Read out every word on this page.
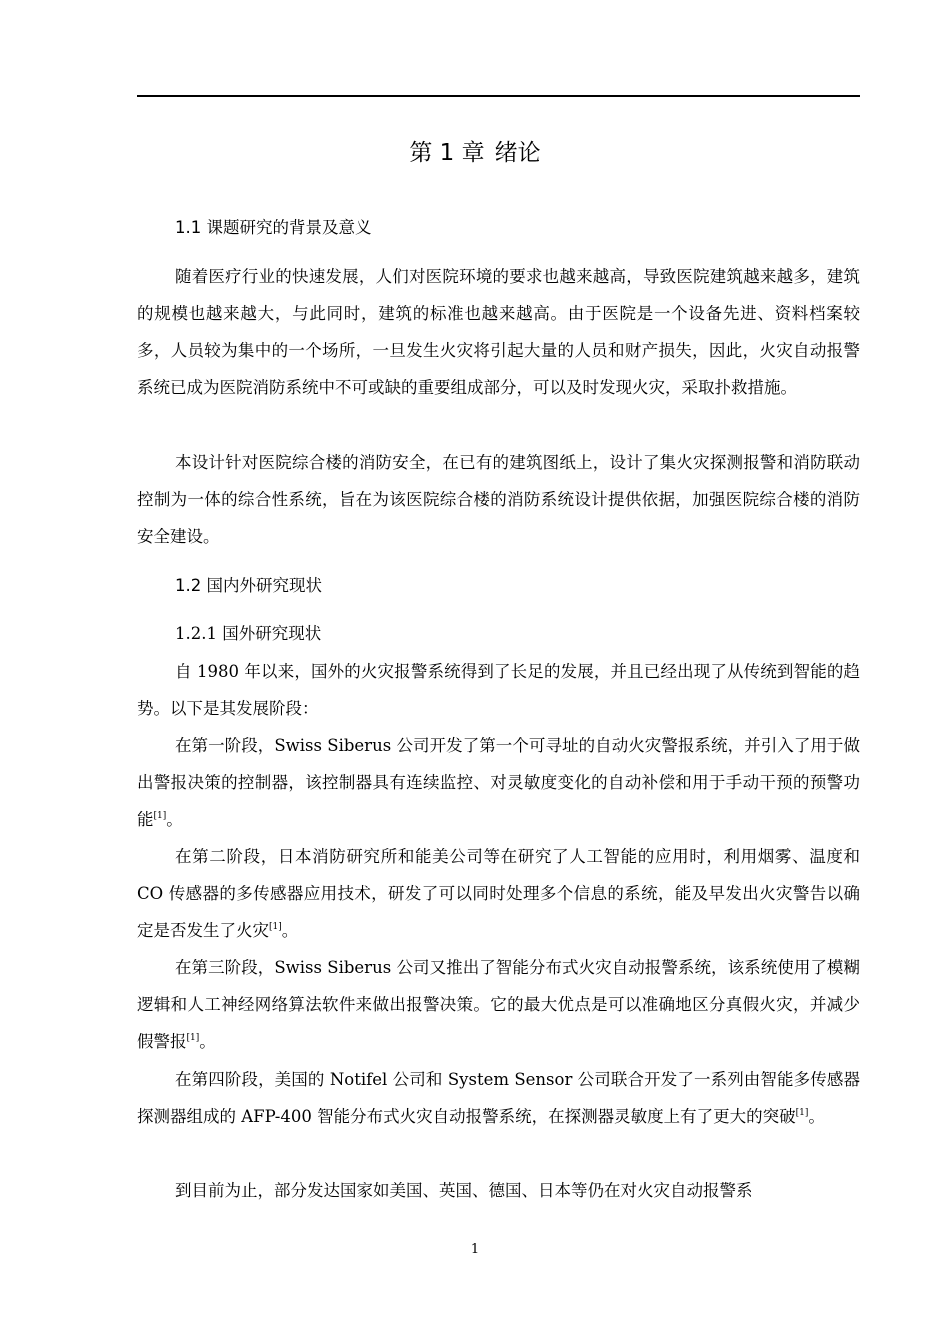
第 1 章 绪论
1.1 课题研究的背景及意义

随着医疗行业的快速发展，人们对医院环境的要求也越来越高，导致医院建筑越来越多，建筑的规模也越来越大，与此同时，建筑的标准也越来越高。由于医院是一个设备先进、资料档案较多，人员较为集中的一个场所，一旦发生火灾将引起大量的人员和财产损失，因此，火灾自动报警系统已成为医院消防系统中不可或缺的重要组成部分，可以及时发现火灾，采取扑救措施。

本设计针对医院综合楼的消防安全，在已有的建筑图纸上，设计了集火灾探测报警和消防联动控制为一体的综合性系统，旨在为该医院综合楼的消防系统设计提供依据，加强医院综合楼的消防安全建设。

1.2 国内外研究现状
1.2.1 国外研究现状

自 1980 年以来，国外的火灾报警系统得到了长足的发展，并且已经出现了从传统到智能的趋势。以下是其发展阶段：

在第一阶段，Swiss Siberus 公司开发了第一个可寻址的自动火灾警报系统，并引入了用于做出警报决策的控制器，该控制器具有连续监控、对灵敏度变化的自动补偿和用于手动干预的预警功能[1]。

在第二阶段，日本消防研究所和能美公司等在研究了人工智能的应用时，利用烟雾、温度和 CO 传感器的多传感器应用技术，研发了可以同时处理多个信息的系统，能及早发出火灾警告以确定是否发生了火灾[1]。

在第三阶段，Swiss Siberus 公司又推出了智能分布式火灾自动报警系统，该系统使用了模糊逻辑和人工神经网络算法软件来做出报警决策。它的最大优点是可以准确地区分真假火灾，并减少假警报[1]。

在第四阶段，美国的 Notifel 公司和 System Sensor 公司联合开发了一系列由智能多传感器探测器组成的 AFP-400 智能分布式火灾自动报警系统，在探测器灵敏度上有了更大的突破[1]。

到目前为止，部分发达国家如美国、英国、德国、日本等仍在对火灾自动报警系

1
